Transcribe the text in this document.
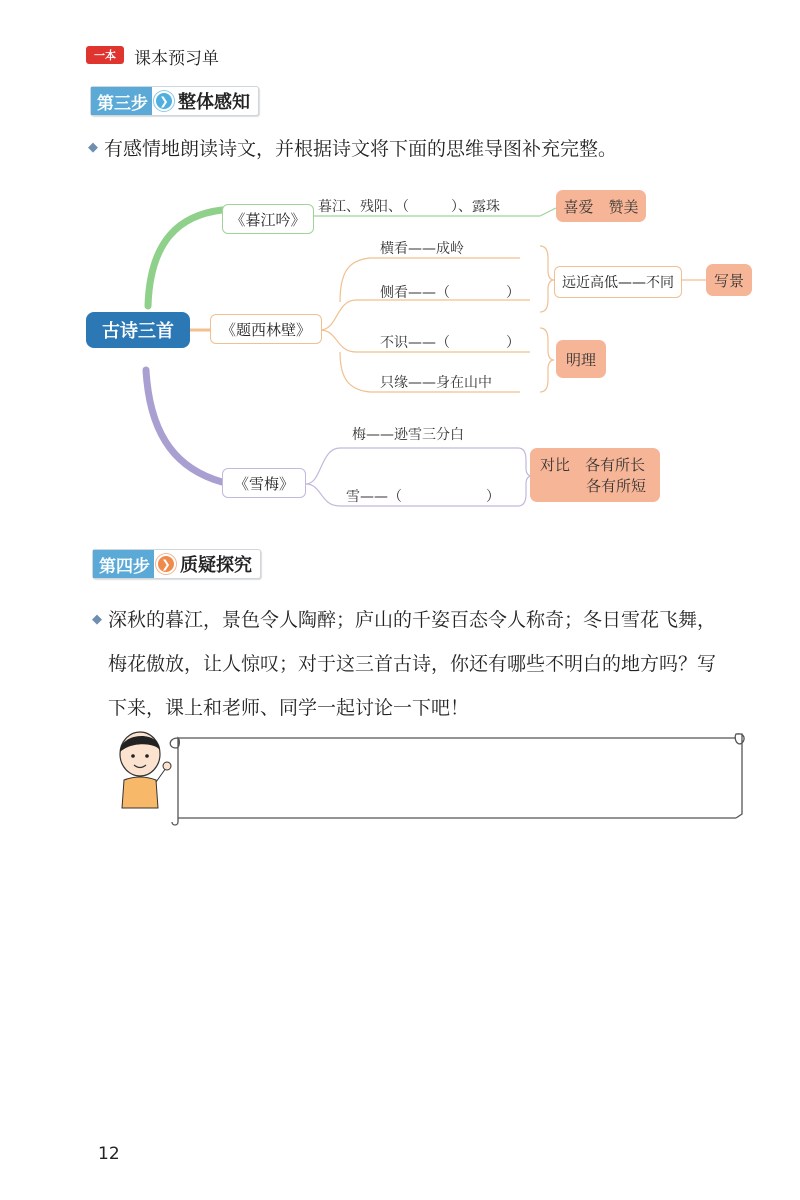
一本	课本预习单
第三步	❯ 整体感知
◆ 有感情地朗读诗文，并根据诗文将下面的思维导图补充完整。
古诗三首
《暮江吟》
暮江、残阳、（　　　）、露珠	喜爱　赞美
《题西林壁》
横看——成岭
侧看——（　　　　）
不识——（　　　　）
只缘——身在山中
远近高低——不同	写景
明理
《雪梅》
梅——逊雪三分白
雪——（　　　　　　）
对比　各有所长
各有所短
第四步	❯ 质疑探究
◆ 深秋的暮江，景色令人陶醉；庐山的千姿百态令人称奇；冬日雪花飞舞，
梅花傲放，让人惊叹；对于这三首古诗，你还有哪些不明白的地方吗？写
下来，课上和老师、同学一起讨论一下吧！
12
